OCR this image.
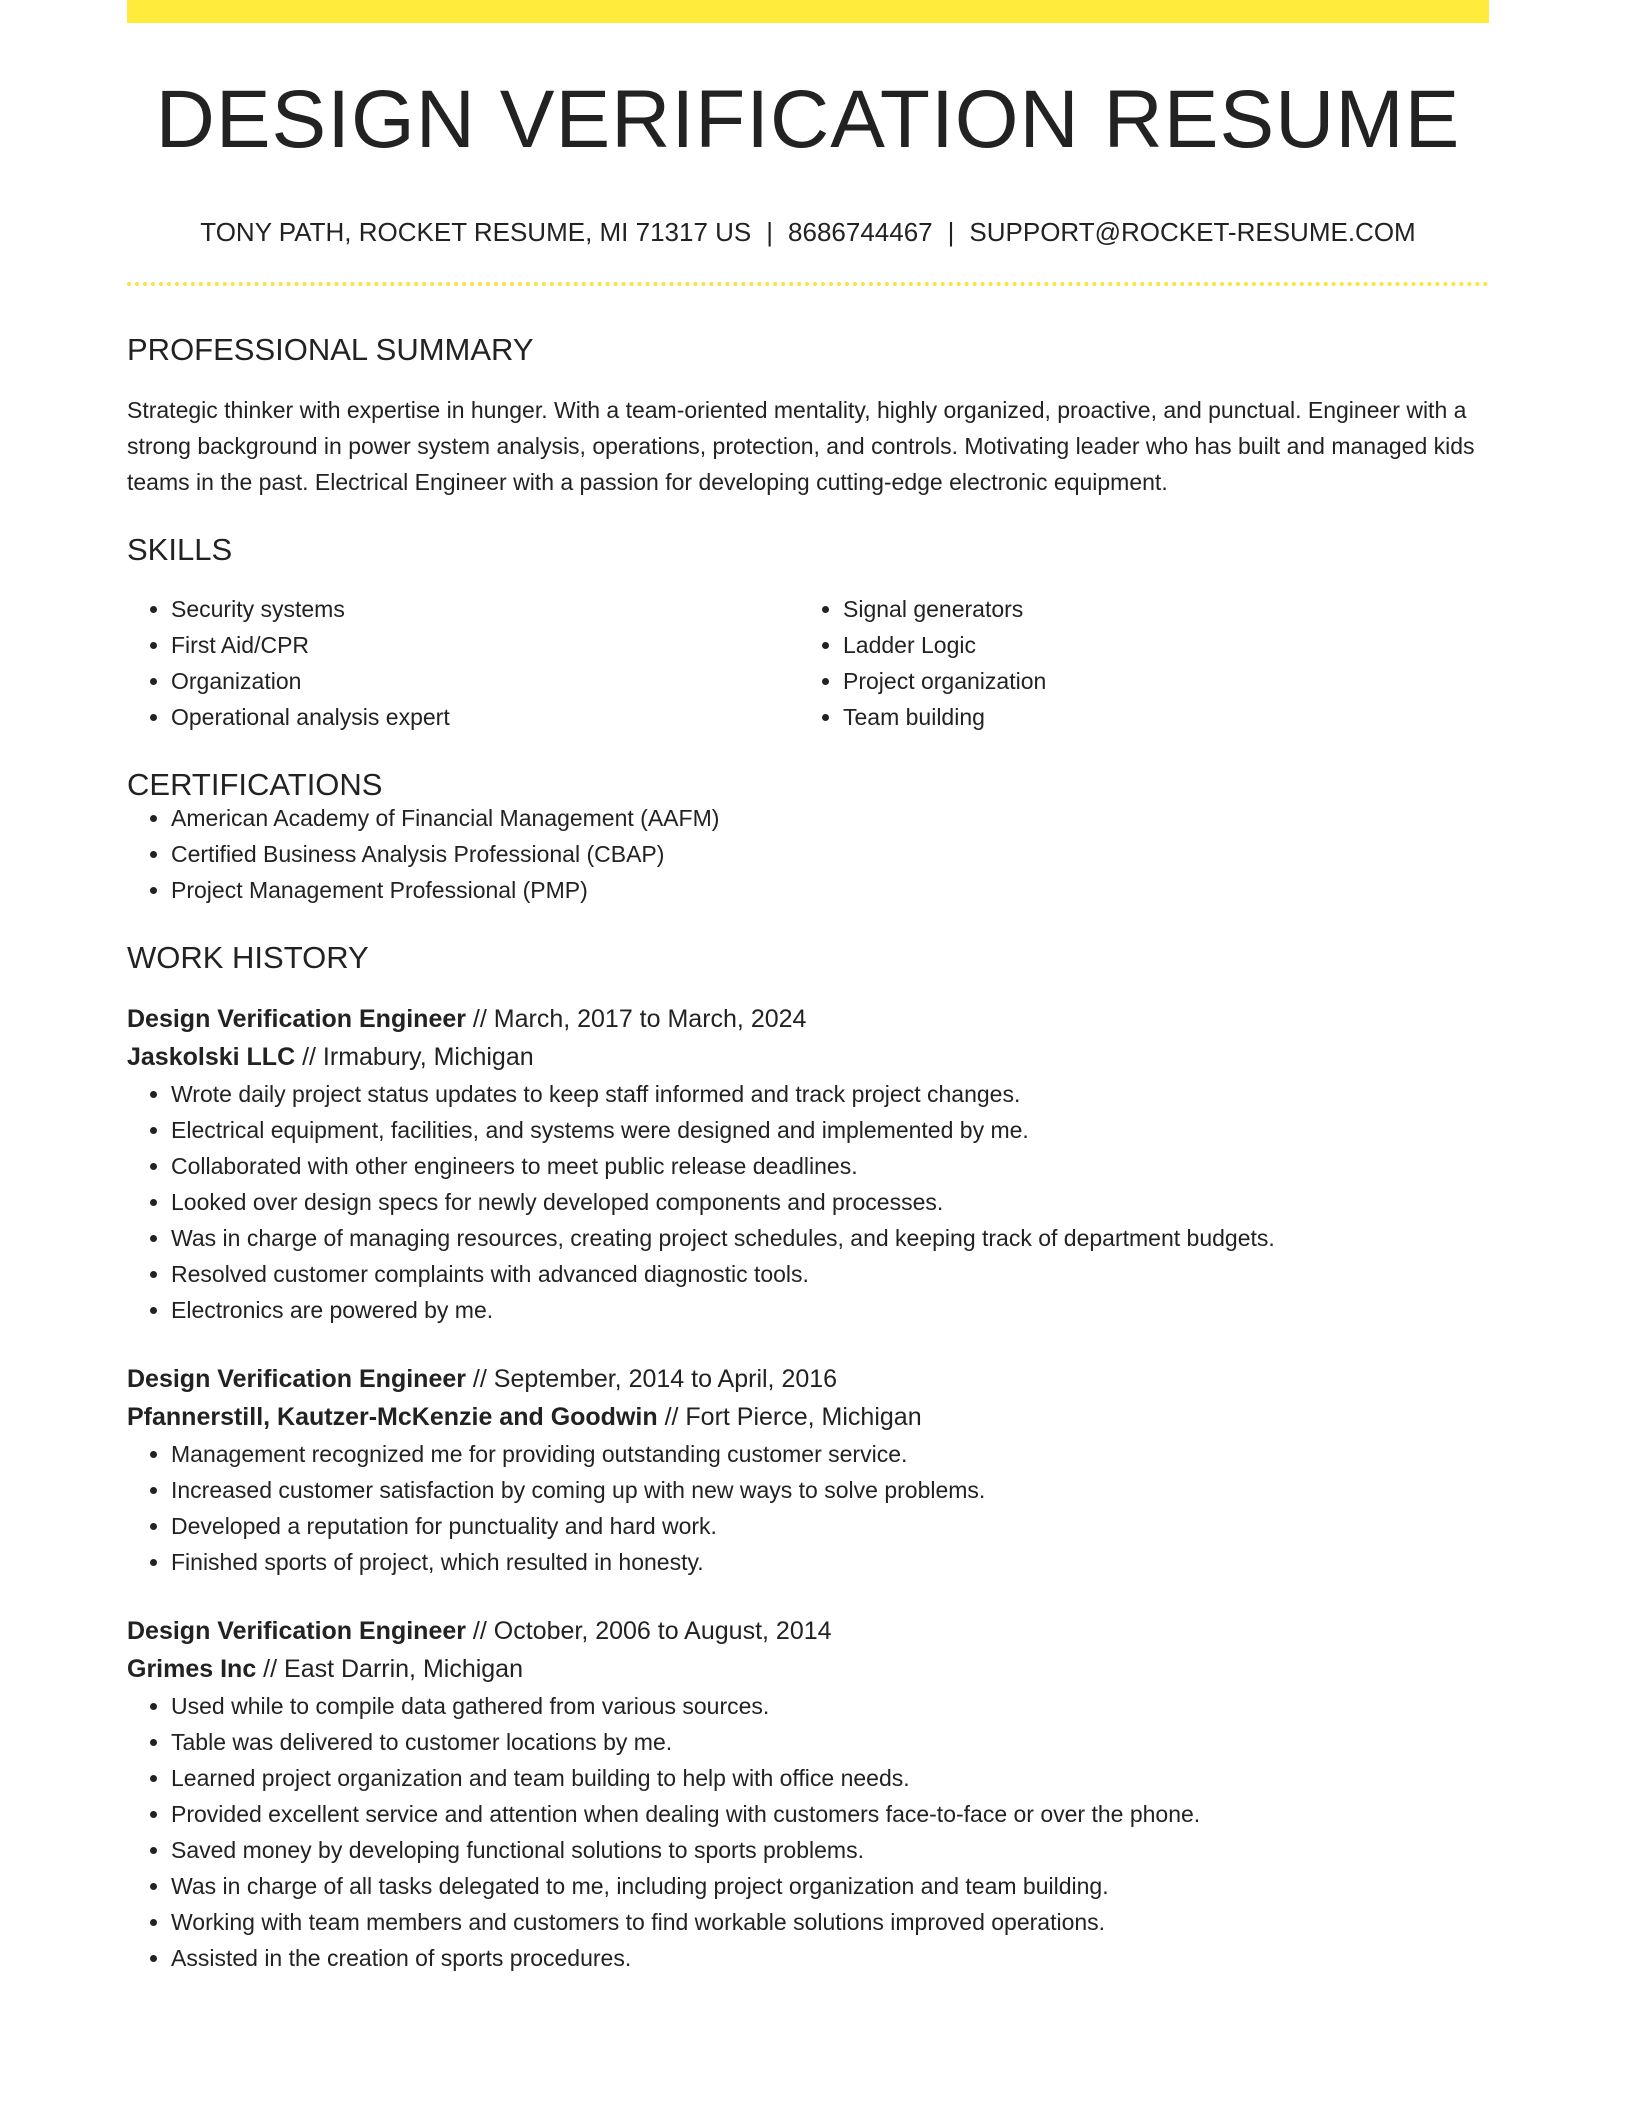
DESIGN VERIFICATION RESUME
TONY PATH, ROCKET RESUME, MI 71317 US | 8686744467 | SUPPORT@ROCKET-RESUME.COM
PROFESSIONAL SUMMARY
Strategic thinker with expertise in hunger. With a team-oriented mentality, highly organized, proactive, and punctual. Engineer with a strong background in power system analysis, operations, protection, and controls. Motivating leader who has built and managed kids teams in the past. Electrical Engineer with a passion for developing cutting-edge electronic equipment.
SKILLS
• Security systems
• First Aid/CPR
• Organization
• Operational analysis expert
• Signal generators
• Ladder Logic
• Project organization
• Team building
CERTIFICATIONS
• American Academy of Financial Management (AAFM)
• Certified Business Analysis Professional (CBAP)
• Project Management Professional (PMP)
WORK HISTORY
Design Verification Engineer // March, 2017 to March, 2024
Jaskolski LLC // Irmabury, Michigan
• Wrote daily project status updates to keep staff informed and track project changes.
• Electrical equipment, facilities, and systems were designed and implemented by me.
• Collaborated with other engineers to meet public release deadlines.
• Looked over design specs for newly developed components and processes.
• Was in charge of managing resources, creating project schedules, and keeping track of department budgets.
• Resolved customer complaints with advanced diagnostic tools.
• Electronics are powered by me.
Design Verification Engineer // September, 2014 to April, 2016
Pfannerstill, Kautzer-McKenzie and Goodwin // Fort Pierce, Michigan
• Management recognized me for providing outstanding customer service.
• Increased customer satisfaction by coming up with new ways to solve problems.
• Developed a reputation for punctuality and hard work.
• Finished sports of project, which resulted in honesty.
Design Verification Engineer // October, 2006 to August, 2014
Grimes Inc // East Darrin, Michigan
• Used while to compile data gathered from various sources.
• Table was delivered to customer locations by me.
• Learned project organization and team building to help with office needs.
• Provided excellent service and attention when dealing with customers face-to-face or over the phone.
• Saved money by developing functional solutions to sports problems.
• Was in charge of all tasks delegated to me, including project organization and team building.
• Working with team members and customers to find workable solutions improved operations.
• Assisted in the creation of sports procedures.
